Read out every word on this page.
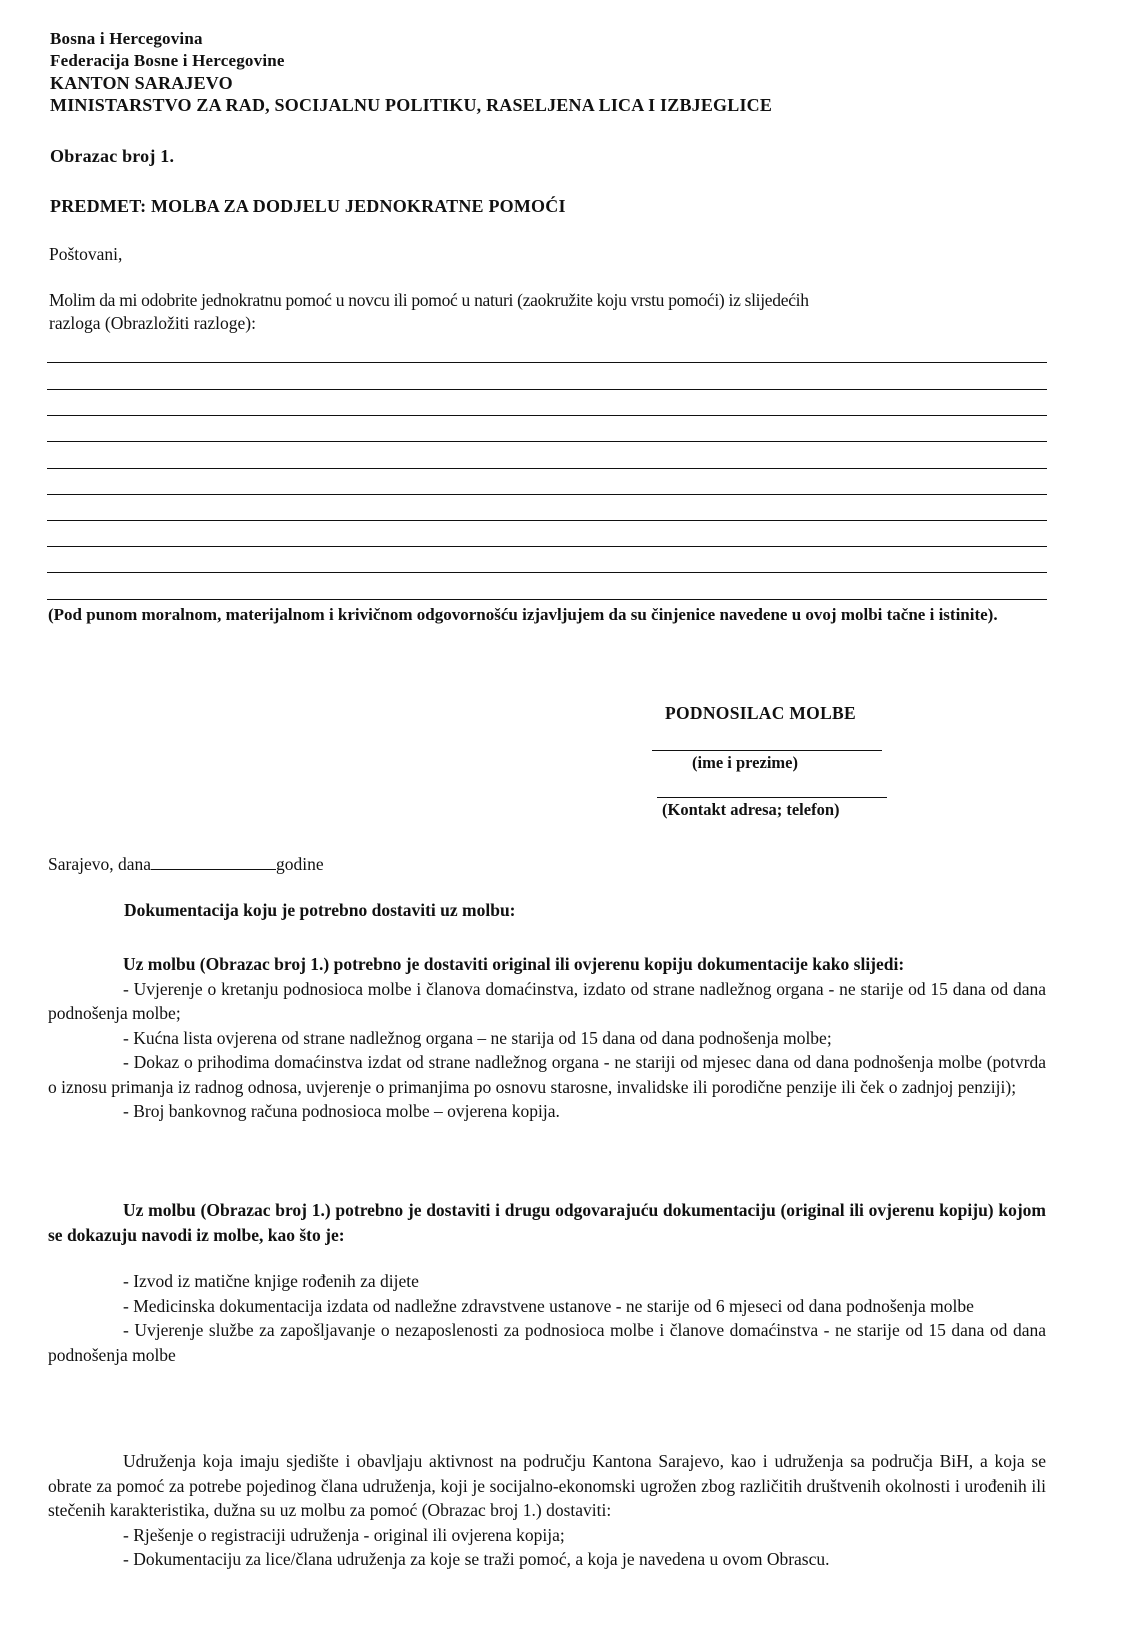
Bosna i Hercegovina
Federacija Bosne i Hercegovine
KANTON SARAJEVO
MINISTARSTVO ZA RAD, SOCIJALNU POLITIKU, RASELJENA LICA I IZBJEGLICE
Obrazac broj 1.
PREDMET: MOLBA ZA DODJELU JEDNOKRATNE POMOĆI
Poštovani,
Molim da mi odobrite jednokratnu pomoć u novcu ili pomoć u naturi (zaokružite koju vrstu pomoći) iz slijedećih
razloga (Obrazložiti razloge):
(Pod punom moralnom, materijalnom i krivičnom odgovornošću izjavljujem da su činjenice navedene u ovoj molbi tačne i istinite).
PODNOSILAC MOLBE
(ime i prezime)
(Kontakt adresa; telefon)
Sarajevo, dana	godine
Dokumentacija koju je potrebno dostaviti uz molbu:
Uz molbu (Obrazac broj 1.) potrebno je dostaviti original ili ovjerenu kopiju dokumentacije kako slijedi:
- Uvjerenje o kretanju podnosioca molbe i članova domaćinstva, izdato od strane nadležnog organa - ne starije od 15 dana od dana podnošenja molbe;
- Kućna lista ovjerena od strane nadležnog organa – ne starija od 15 dana od dana podnošenja molbe;
- Dokaz o prihodima domaćinstva izdat od strane nadležnog organa - ne stariji od mjesec dana od dana podnošenja molbe (potvrda o iznosu primanja iz radnog odnosa, uvjerenje o primanjima po osnovu starosne, invalidske ili porodične penzije ili ček o zadnjoj penziji);
- Broj bankovnog računa podnosioca molbe – ovjerena kopija.
Uz molbu (Obrazac broj 1.) potrebno je dostaviti i drugu odgovarajuću dokumentaciju (original ili ovjerenu kopiju) kojom se dokazuju navodi iz molbe, kao što je:
- Izvod iz matične knjige rođenih za dijete
- Medicinska dokumentacija izdata od nadležne zdravstvene ustanove - ne starije od 6 mjeseci od dana podnošenja molbe
- Uvjerenje službe za zapošljavanje o nezaposlenosti za podnosioca molbe i članove domaćinstva - ne starije od 15 dana od dana podnošenja molbe
Udruženja koja imaju sjedište i obavljaju aktivnost na području Kantona Sarajevo, kao i udruženja sa područja BiH, a koja se obrate za pomoć za potrebe pojedinog člana udruženja, koji je socijalno-ekonomski ugrožen zbog različitih društvenih okolnosti i urođenih ili stečenih karakteristika, dužna su uz molbu za pomoć (Obrazac broj 1.) dostaviti:
- Rješenje o registraciji udruženja - original ili ovjerena kopija;
- Dokumentaciju za lice/člana udruženja za koje se traži pomoć, a koja je navedena u ovom Obrascu.
